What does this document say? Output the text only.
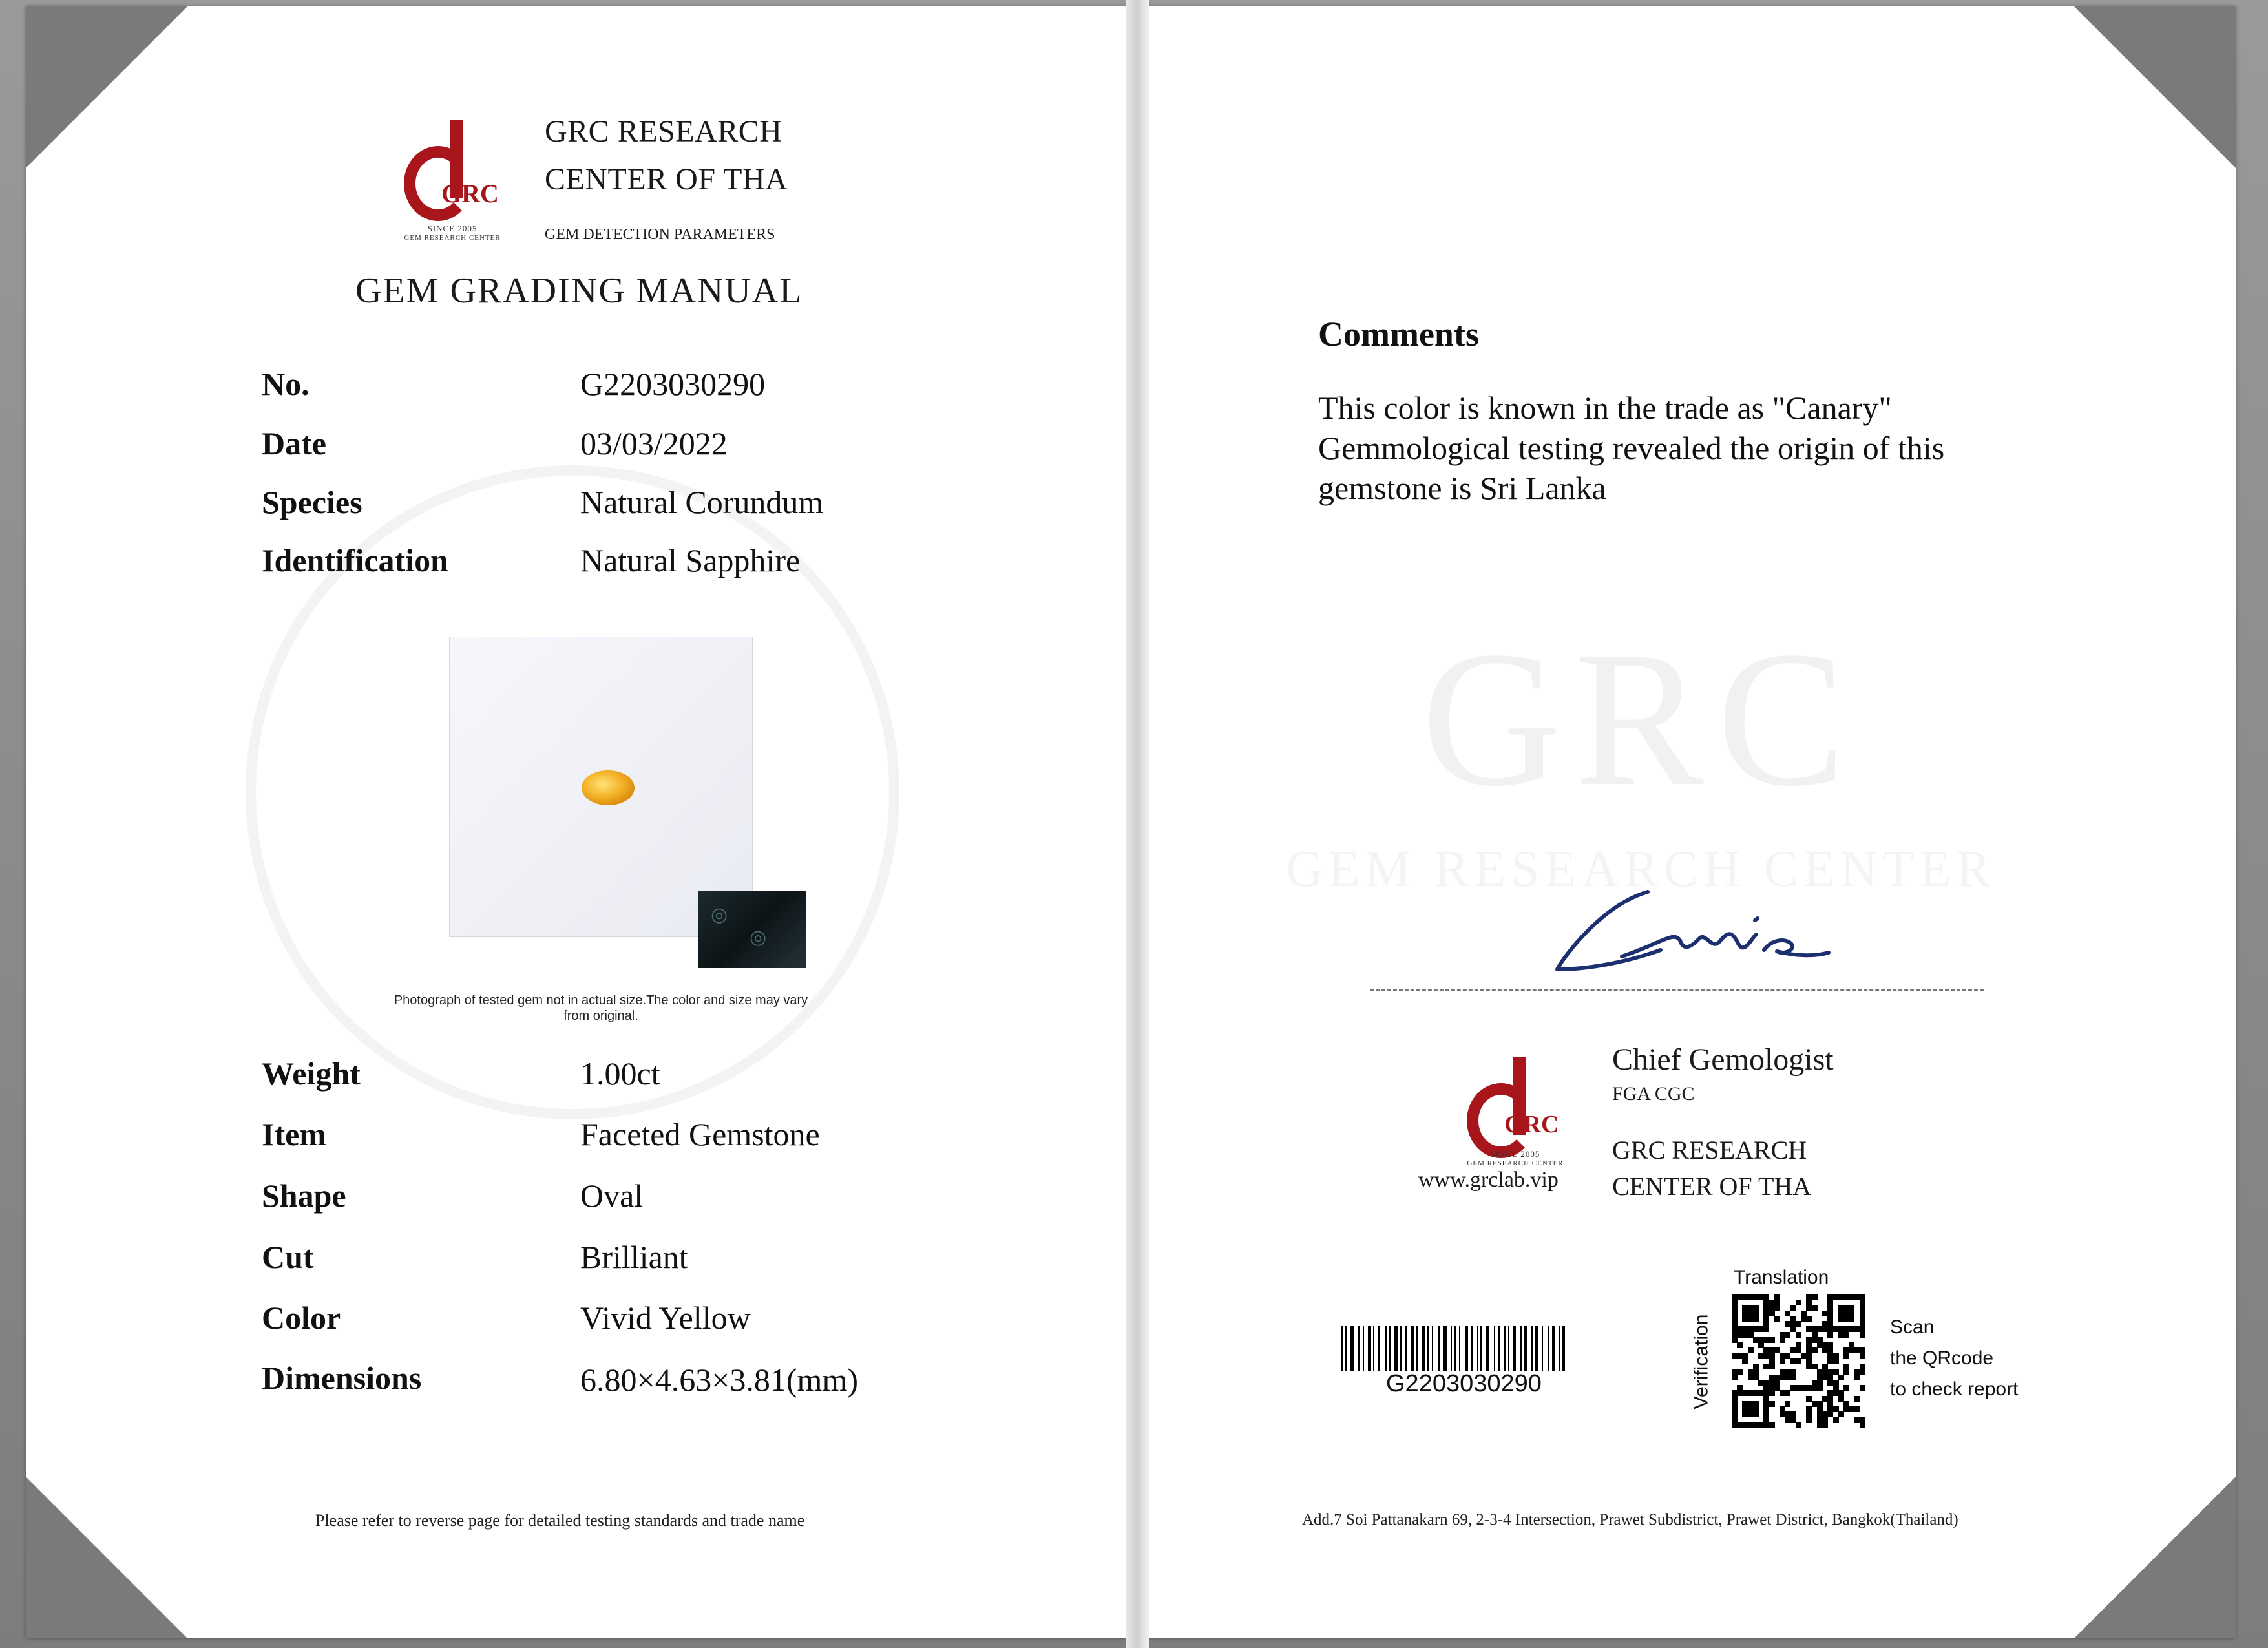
GRC
SINCE 2005
GEM RESEARCH CENTER
GRC RESEARCH
CENTER OF THA
GEM DETECTION PARAMETERS
GEM GRADING MANUAL
No.	G2203030290
Date	03/03/2022
Species	Natural Corundum
Identification	Natural Sapphire
◎
◎
Photograph of tested gem not in actual size.The color and size may vary from original.
Weight	1.00ct
Item	Faceted Gemstone
Shape	Oval
Cut	Brilliant
Color	Vivid Yellow
Dimensions	6.80×4.63×3.81(mm)
Please refer to reverse page for detailed testing standards and trade name
GRC
GEM RESEARCH CENTER
Comments
This color is known in the trade as "Canary" Gemmological testing revealed the origin of this gemstone is Sri Lanka
GRC
SINCE 2005
GEM RESEARCH CENTER
www.grclab.vip
Chief Gemologist
FGA CGC
GRC RESEARCH
CENTER OF THA
G2203030290
Translation
Verification	Scan
the QRcode
to check report
Add.7 Soi Pattanakarn 69, 2-3-4 Intersection, Prawet Subdistrict, Prawet District, Bangkok(Thailand)
